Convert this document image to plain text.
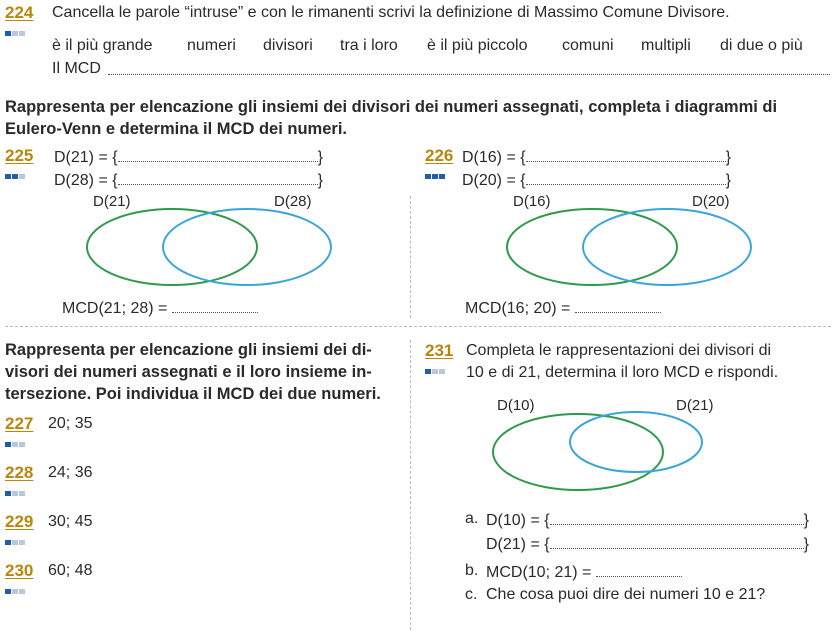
224 Cancella le parole “intruse” e con le rimanenti scrivi la definizione di Massimo Comune Divisore.
è il più grande numeri divisori tra i loro è il più piccolo comuni multipli di due o più
Il MCD
Rappresenta per elencazione gli insiemi dei divisori dei numeri assegnati, completa i diagrammi di
Eulero-Venn e determina il MCD dei numeri.
225 D(21) = {	}
D(28) = {	}
D(21)	D(28)
MCD(21; 28) =
226 D(16) = {	}
D(20) = {	}
D(16)	D(20)
MCD(16; 20) =
Rappresenta per elencazione gli insiemi dei di-
visori dei numeri assegnati e il loro insieme in-
tersezione. Poi individua il MCD dei due numeri.
227 20; 35
228 24; 36
229 30; 45
230 60; 48
231 Completa le rappresentazioni dei divisori di
10 e di 21, determina il loro MCD e rispondi.
D(10)	D(21)
a. D(10) = {	}
D(21) = {	}
b. MCD(10; 21) =
c. Che cosa puoi dire dei numeri 10 e 21?
